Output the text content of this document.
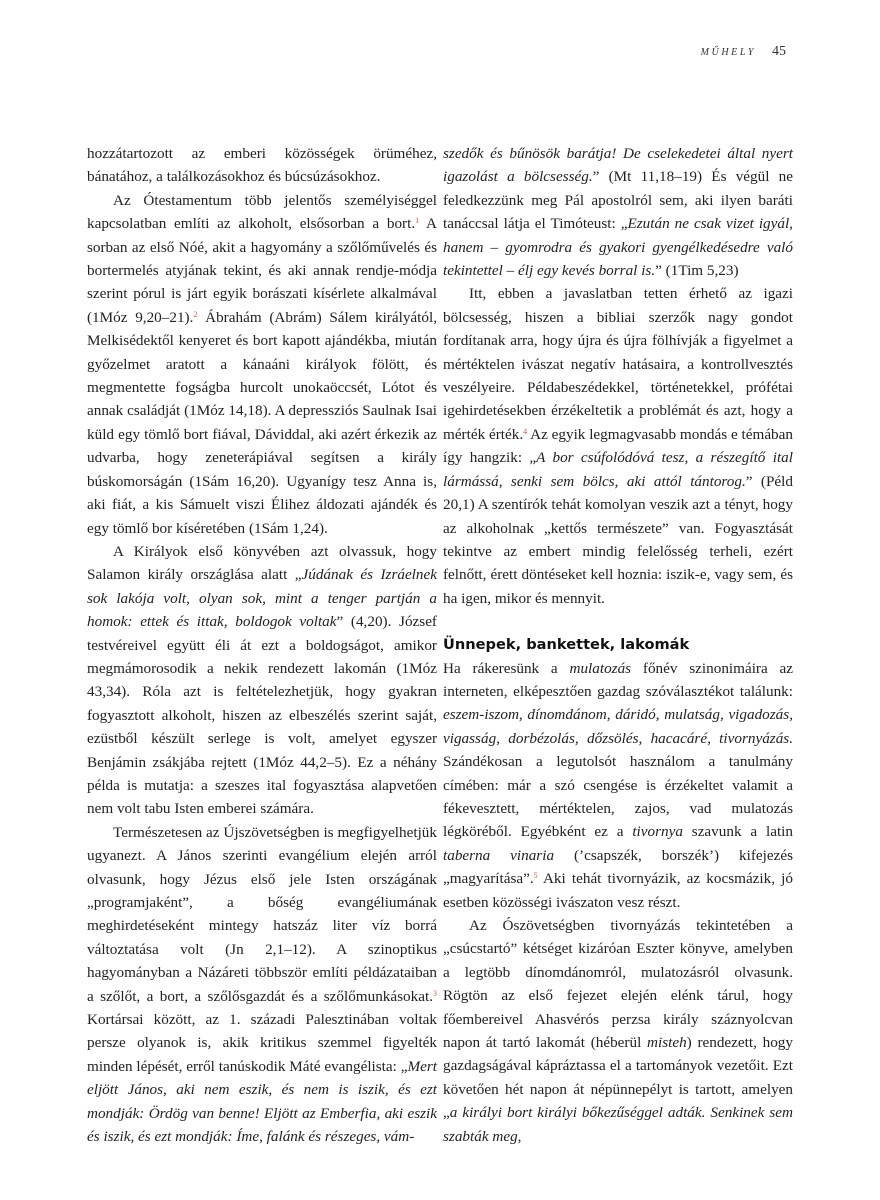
MŰHELY 45

hozzátartozott az emberi közösségek örüméhez, bánatához, a találkozásokhoz és búcsúzásokhoz.

Az Ótestamentum több jelentős személyiséggel kapcsolatban említi az alkoholt, elsősorban a bort.$^1$ A sorban az első Nóé, akit a hagyomány a szőlőművelés és bortermelés atyjának tekint, és aki annak rendje-módja szerint pórul is járt egyik borászati kísérlete alkalmával (1Móz 9,20–21).$^2$ Ábrahám (Abrám) Sálem királyától, Melkisédektől kenyeret és bort kapott ajándékba, miután győzelmet aratott a kánaáni királyok fölött, és megmentette fogságba hurcolt unokaöccsét, Lótot és annak családját (1Móz 14,18). A depressziós Saulnak Isai küld egy tömlő bort fiával, Dáviddal, aki azért érkezik az udvarba, hogy zeneterápiával segítsen a király búskomorságán (1Sám 16,20). Ugyanígy tesz Anna is, aki fiát, a kis Sámuelt viszi Élihez áldozati ajándék és egy tömlő bor kíséretében (1Sám 1,24).

A Királyok első könyvében azt olvassuk, hogy Salamon király országlása alatt „Júdának és Izráelnek sok lakója volt, olyan sok, mint a tenger partján a homok: ettek és ittak, boldogok voltak” (4,20). József testvéreivel együtt éli át ezt a boldogságot, amikor megmámorosodik a nekik rendezett lakomán (1Móz 43,34). Róla azt is feltételezhetjük, hogy gyakran fogyasztott alkoholt, hiszen az elbeszélés szerint saját, ezüstből készült serlege is volt, amelyet egyszer Benjámin zsákjába rejtett (1Móz 44,2–5). Ez a néhány példa is mutatja: a szeszes ital fogyasztása alapvetően nem volt tabu Isten emberei számára.

Természetesen az Újszövetségben is megfigyelhetjük ugyanezt. A János szerinti evangélium elején arról olvasunk, hogy Jézus első jele Isten országának „programjaként”, a bőség evangéliumának meghirdetéseként mintegy hatszáz liter víz borrá változtatása volt (Jn 2,1–12). A szinoptikus hagyományban a Názáreti többször említi példázataiban a szőlőt, a bort, a szőlősgazdát és a szőlőmunkásokat.$^3$ Kortársai között, az 1. századi Palesztinában voltak persze olyanok is, akik kritikus szemmel figyelték minden lépését, erről tanúskodik Máté evangélista: „Mert eljött János, aki nem eszik, és nem is iszik, és ezt mondják: Ördög van benne! Eljött az Emberfia, aki eszik és iszik, és ezt mondják: Íme, falánk és részeges, vám-

szedők és bűnösök barátja! De cselekedetei által nyert igazolást a bölcsesség.” (Mt 11,18–19) És végül ne feledkezzünk meg Pál apostolról sem, aki ilyen baráti tanáccsal látja el Timóteust: „Ezután ne csak vizet igyál, hanem – gyomrodra és gyakori gyengélkedésedre való tekintettel – élj egy kevés borral is.” (1Tim 5,23)

Itt, ebben a javaslatban tetten érhető az igazi bölcsesség, hiszen a bibliai szerzők nagy gondot fordítanak arra, hogy újra és újra fölhívják a figyelmet a mértéktelen ivászat negatív hatásaira, a kontrollvesztés veszélyeire. Példabeszédekkel, történetekkel, prófétai igehirdetésekben érzékeltetik a problémát és azt, hogy a mérték érték.$^4$ Az egyik legmagvasabb mondás e témában így hangzik: „A bor csúfolódóvá tesz, a részegítő ital lármássá, senki sem bölcs, aki attól tántorog.” (Péld 20,1) A szentírók tehát komolyan veszik azt a tényt, hogy az alkoholnak „kettős természete” van. Fogyasztását tekintve az embert mindig felelősség terheli, ezért felnőtt, érett döntéseket kell hoznia: iszik-e, vagy sem, és ha igen, mikor és mennyit.

Ünnepek, bankettek, lakomák

Ha rákeresünk a mulatozás főnév szinonimáira az interneten, elképesztően gazdag szóválasztékot találunk: eszem-iszom, dínomdánom, dáridó, mulatság, vigadozás, vigasság, dorbézolás, dőzsölés, hacacáré, tivornyázás. Szándékosan a legutolsót használom a tanulmány címében: már a szó csengése is érzékeltet valamit a fékevesztett, mértéktelen, zajos, vad mulatozás légköréből. Egyébként ez a tivornya szavunk a latin taberna vinaria (’csapszék, borszék’) kifejezés „magyarítása”.$^5$ Aki tehát tivornyázik, az kocsmázik, jó esetben közösségi ivászaton vesz részt.

Az Ószövetségben tivornyázás tekintetében a „csúcstartó” kétséget kizáróan Eszter könyve, amelyben a legtöbb dínomdánomról, mulatozásról olvasunk. Rögtön az első fejezet elején elénk tárul, hogy főembereivel Ahasvérós perzsa király száznyolcvan napon át tartó lakomát (héberül misteh) rendezett, hogy gazdagságával kápráztassa el a tartományok vezetőit. Ezt követően hét napon át népünnepélyt is tartott, amelyen „a királyi bort királyi bőkezűséggel adták. Senkinek sem szabták meg,
